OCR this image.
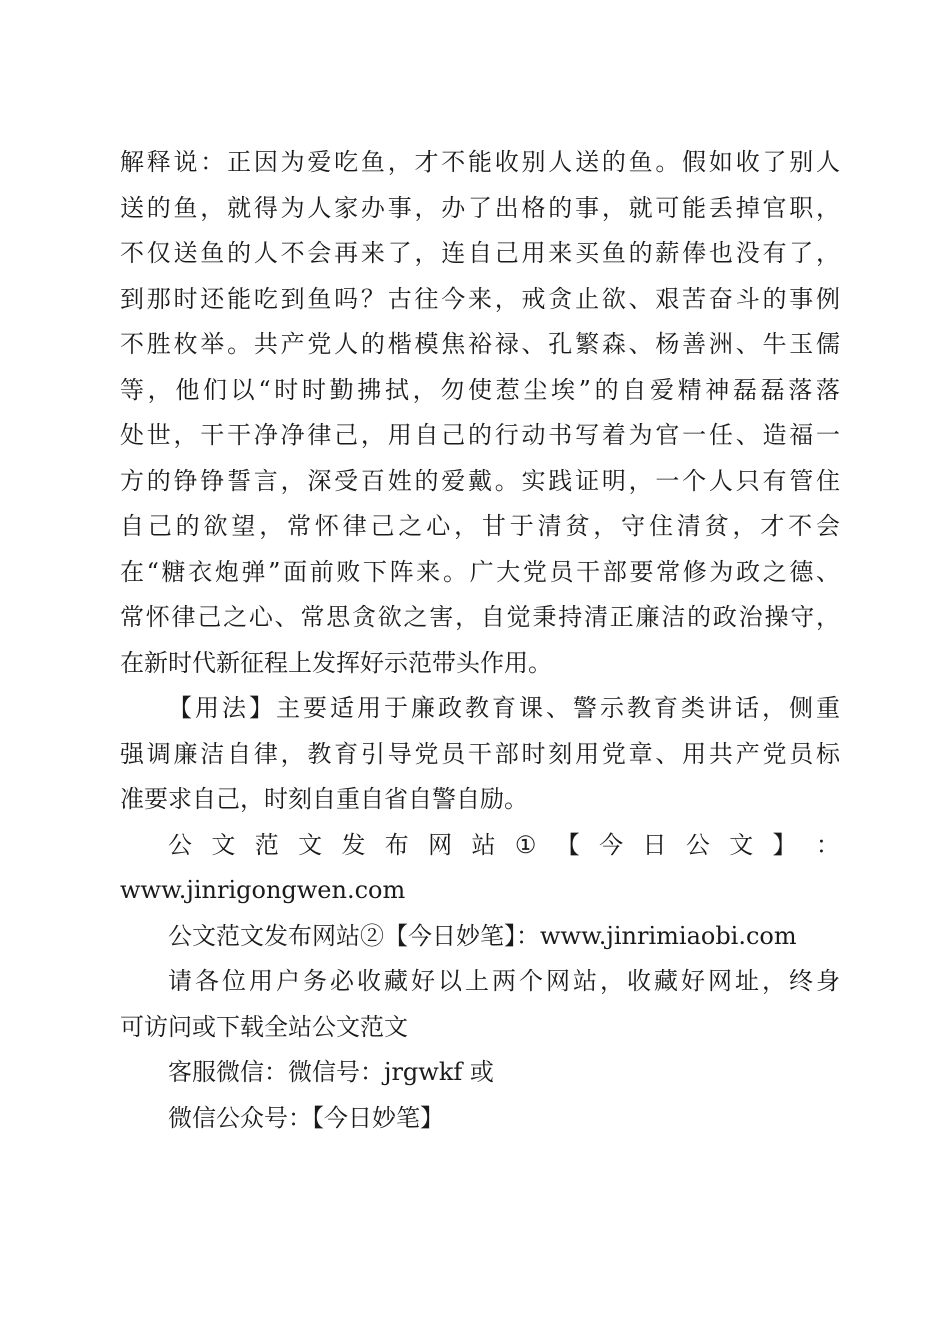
解释说：正因为爱吃鱼，才不能收别人送的鱼。假如收了别人
送的鱼，就得为人家办事，办了出格的事，就可能丢掉官职，
不仅送鱼的人不会再来了，连自己用来买鱼的薪俸也没有了，
到那时还能吃到鱼吗？古往今来，戒贪止欲、艰苦奋斗的事例
不胜枚举。共产党人的楷模焦裕禄、孔繁森、杨善洲、牛玉儒
等，他们以“时时勤拂拭，勿使惹尘埃”的自爱精神磊磊落落
处世，干干净净律己，用自己的行动书写着为官一任、造福一
方的铮铮誓言，深受百姓的爱戴。实践证明，一个人只有管住
自己的欲望，常怀律己之心，甘于清贫，守住清贫，才不会
在“糖衣炮弹”面前败下阵来。广大党员干部要常修为政之德、
常怀律己之心、常思贪欲之害，自觉秉持清正廉洁的政治操守，
在新时代新征程上发挥好示范带头作用。
【用法】主要适用于廉政教育课、警示教育类讲话，侧重
强调廉洁自律，教育引导党员干部时刻用党章、用共产党员标
准要求自己，时刻自重自省自警自励。
公 文 范 文 发 布 网 站 ① 【 今 日 公 文 】 ：
www.jinrigongwen.com
公文范文发布网站②【今日妙笔】：www.jinrimiaobi.com
请各位用户务必收藏好以上两个网站，收藏好网址，终身
可访问或下载全站公文范文
客服微信：微信号：jrgwkf 或
微信公众号：【今日妙笔】
